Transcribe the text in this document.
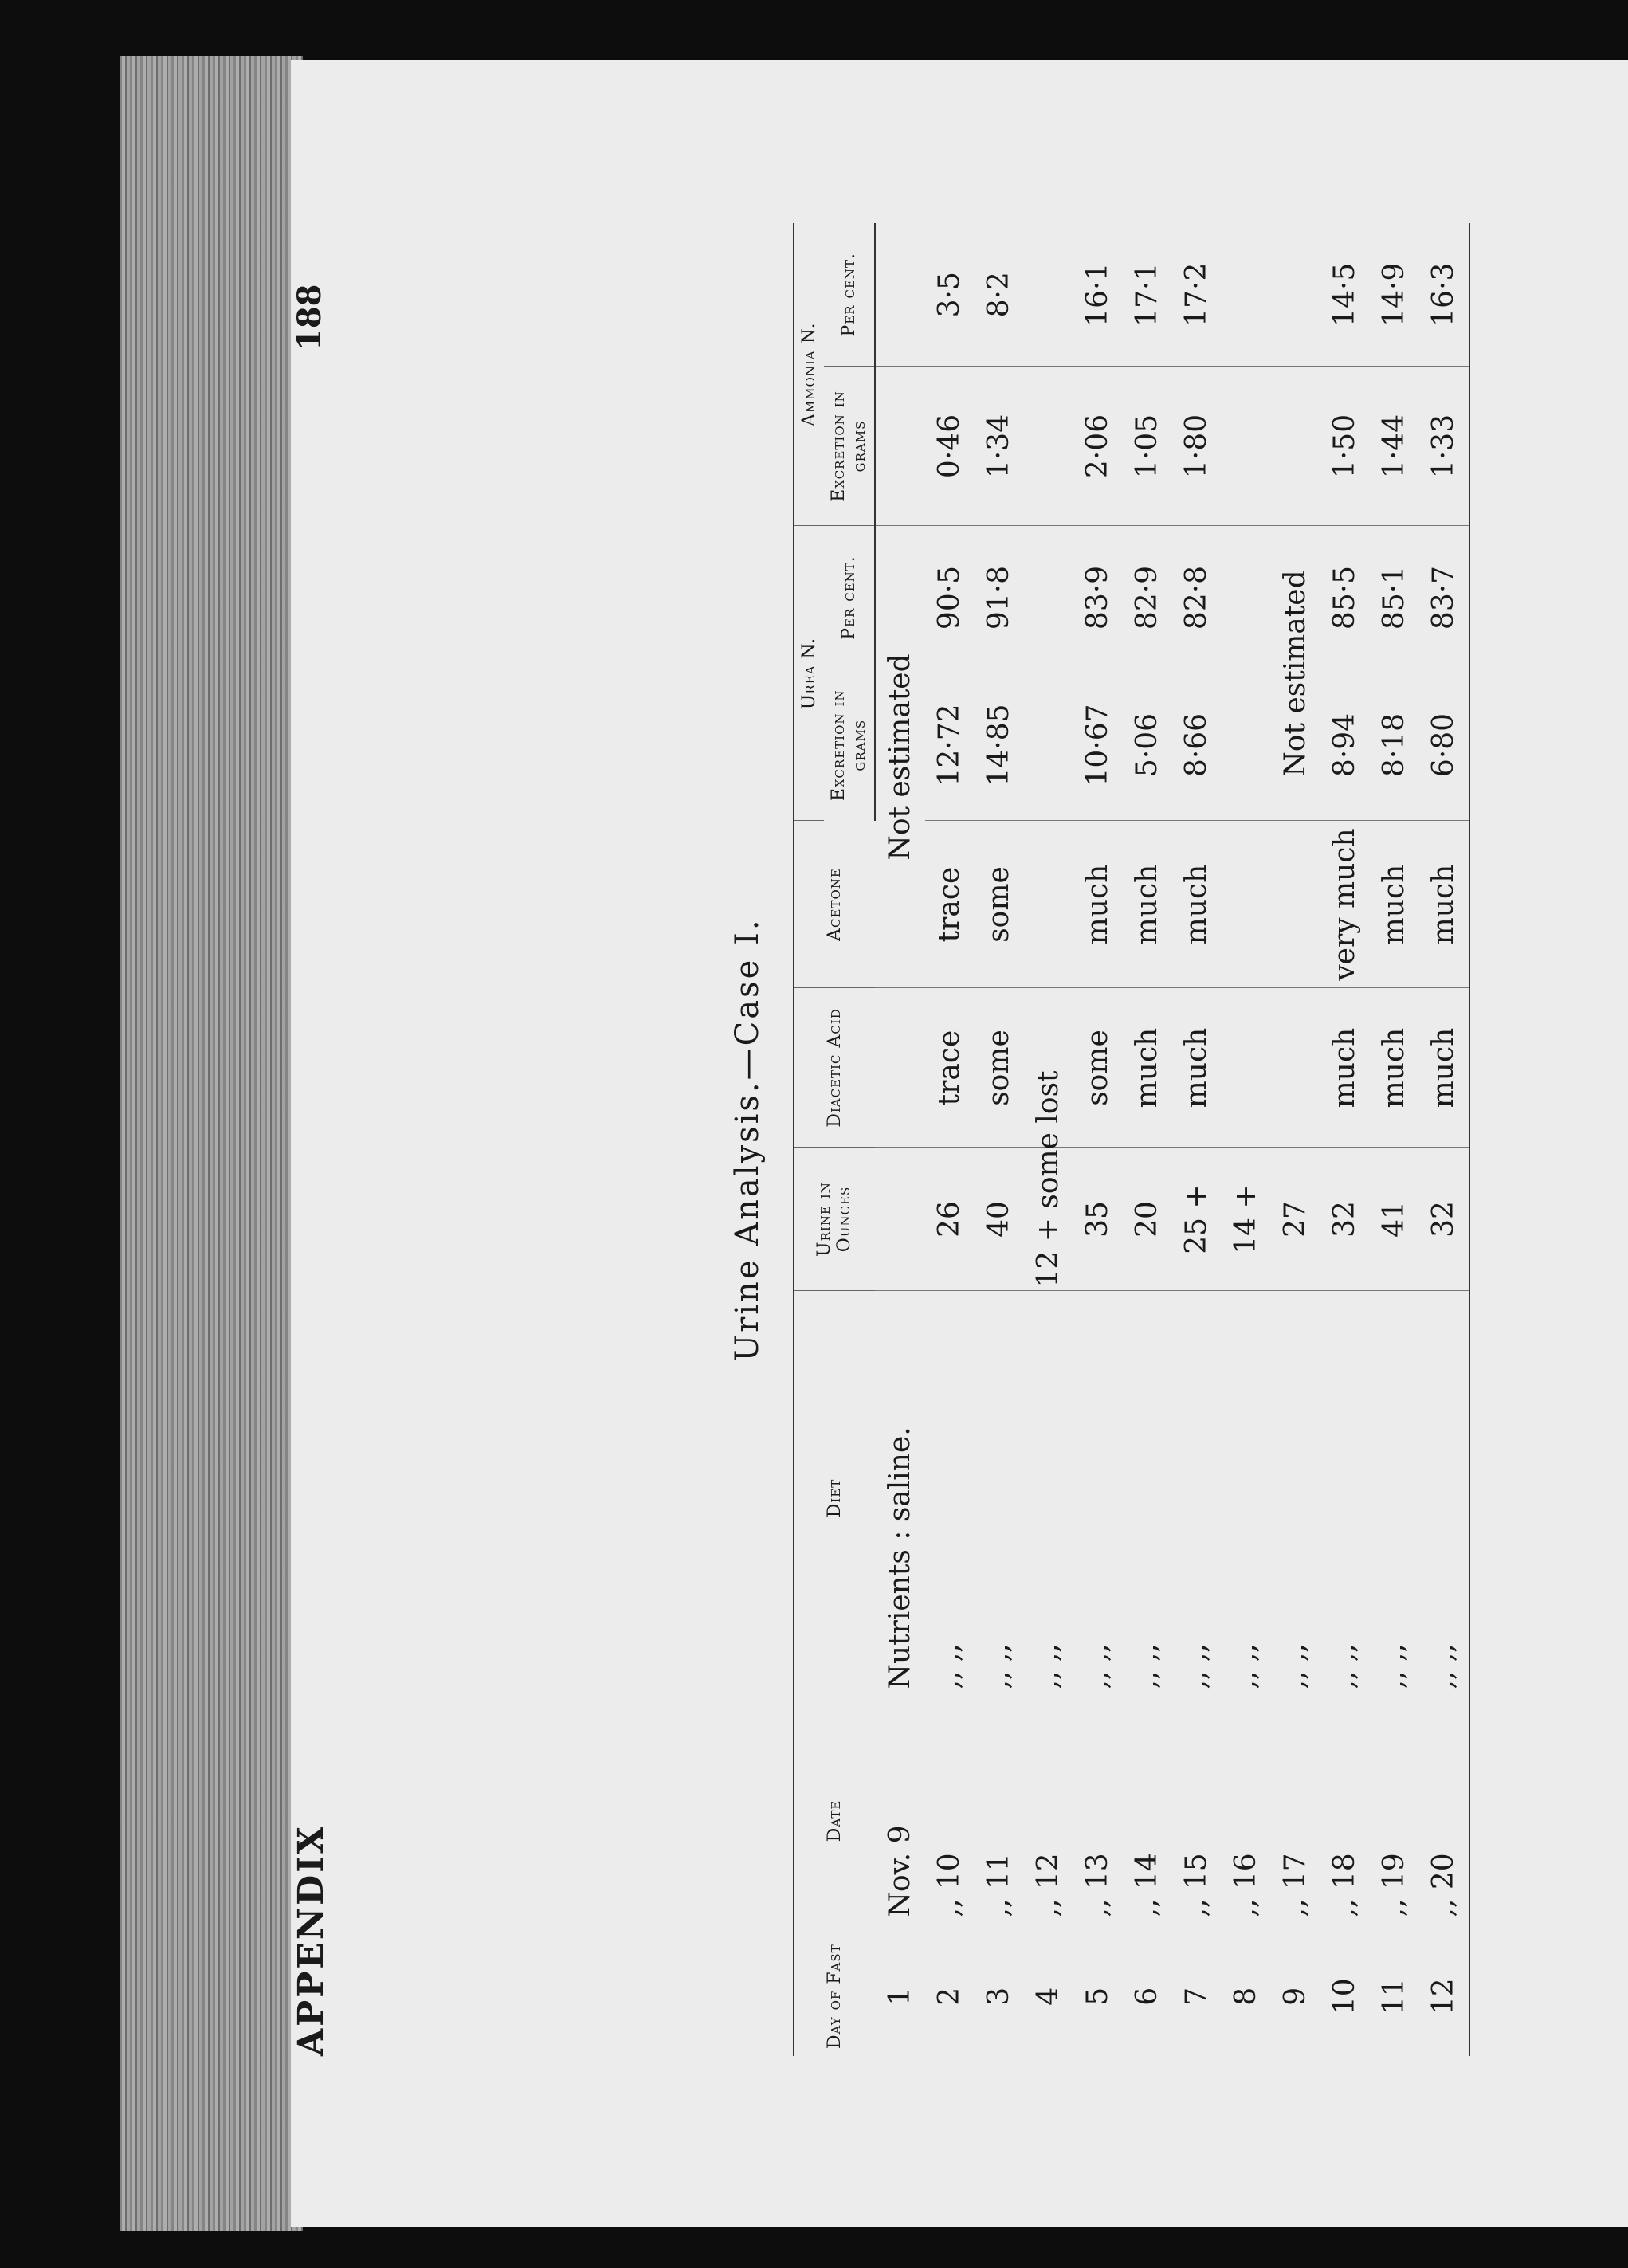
APPENDIX
188
Urine Analysis.—Case I.
Day of Fast	Date	Diet	Urine in Ounces	Diacetic Acid	Acetone	Urea N.		Ammonia N.	
						Excretion in grams	Per cent.	Excretion in grams	Per cent.
1	Nov. 9	Nutrients : saline.			Not estimated				
2	,, 10	,, ,,	26	trace	trace	12·72	90·5	0·46	3·5
3	,, 11	,, ,,	40	some	some	14·85	91·8	1·34	8·2
4	,, 12	,, ,,	12 + some lost						
5	,, 13	,, ,,	35	some	much	10·67	83·9	2·06	16·1
6	,, 14	,, ,,	20	much	much	5·06	82·9	1·05	17·1
7	,, 15	,, ,,	25 +	much	much	8·66	82·8	1·80	17·2
8	,, 16	,, ,,	14 +						
9	,, 17	,, ,,	27			Not estimated			
10	,, 18	,, ,,	32	much	very much	8·94	85·5	1·50	14·5
11	,, 19	,, ,,	41	much	much	8·18	85·1	1·44	14·9
12	,, 20	,, ,,	32	much	much	6·80	83·7	1·33	16·3
